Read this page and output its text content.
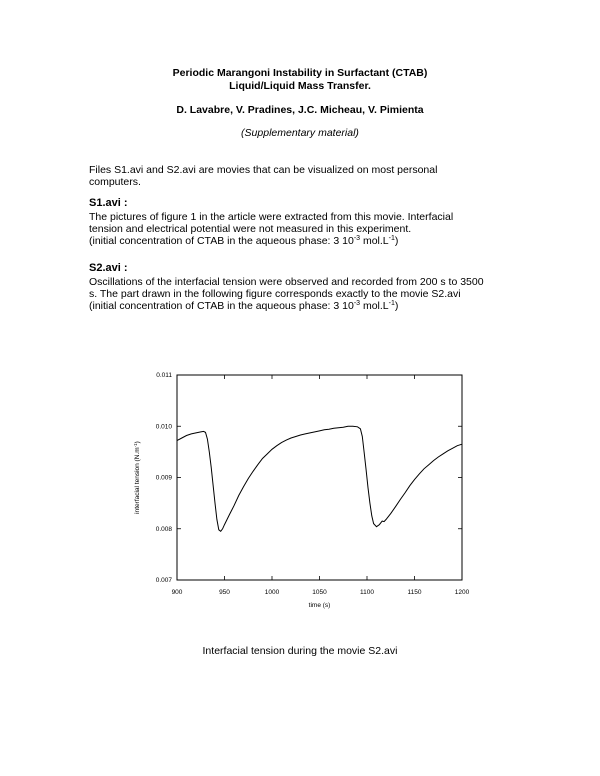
Periodic Marangoni Instability in Surfactant (CTAB)
Liquid/Liquid Mass Transfer.
D. Lavabre, V. Pradines, J.C. Micheau, V. Pimienta
(Supplementary material)
Files S1.avi and S2.avi are movies that can be visualized on most personal
computers.
S1.avi :
The pictures of figure 1 in the article were extracted from this movie. Interfacial
tension and electrical potential were not measured in this experiment.
(initial concentration of CTAB in the aqueous phase: 3 $10^{-3}$ $mol.L^{-1}$)
S2.avi :
Oscillations of the interfacial tension were observed and recorded from 200 s to 3500
s. The part drawn in the following figure corresponds exactly to the movie S2.avi
(initial concentration of CTAB in the aqueous phase: 3 $10^{-3}$ $mol.L^{-1}$)
900	950	1000	1050	1100	1150	1200
0.007
0.008
0.009
0.010
0.011
time (s)
interfacial tension $(N.m^{-1})$
Interfacial tension during the movie S2.avi
